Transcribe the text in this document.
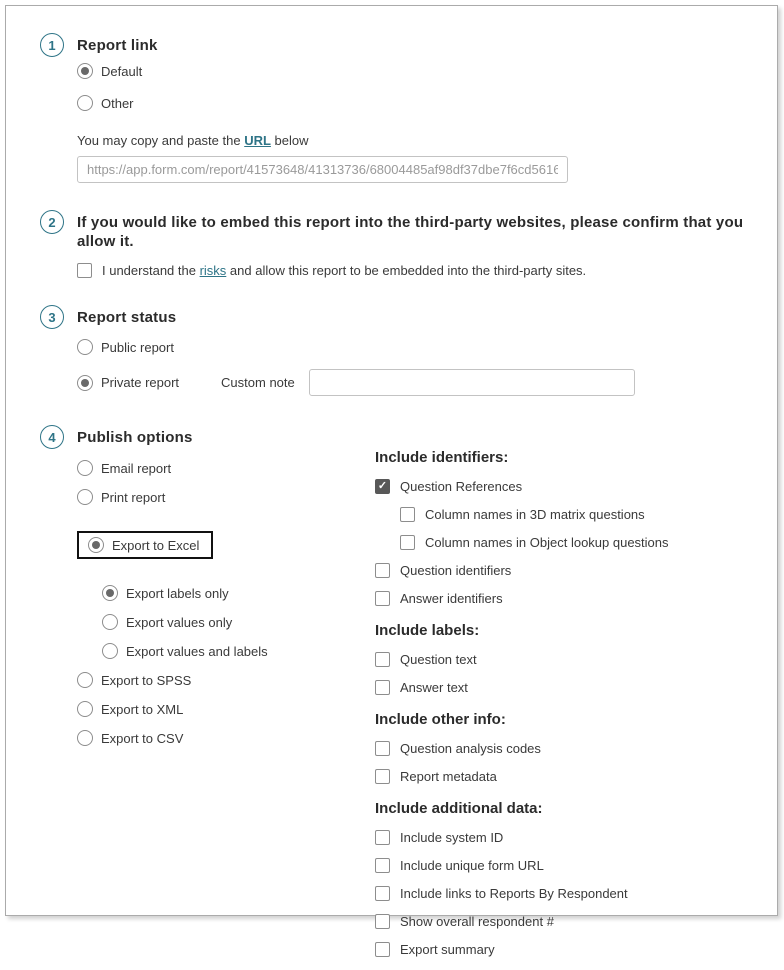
1	Report link
Default
Other
You may copy and paste the URL below
https://app.form.com/report/41573648/41313736/68004485af98df37dbe7f6cd5616
2	If you would like to embed this report into the third-party websites, please confirm that you allow it.
I understand the risks and allow this report to be embedded into the third-party sites.
3	Report status
Public report
Private report	Custom note
4	Publish options
Email report
Print report
Export to Excel
Export labels only
Export values only
Export values and labels
Export to SPSS
Export to XML
Export to CSV
Include identifiers:
✓
Question References
Column names in 3D matrix questions
Column names in Object lookup questions
Question identifiers
Answer identifiers
Include labels:
Question text
Answer text
Include other info:
Question analysis codes
Report metadata
Include additional data:
Include system ID
Include unique form URL
Include links to Reports By Respondent
Show overall respondent #
Export summary
